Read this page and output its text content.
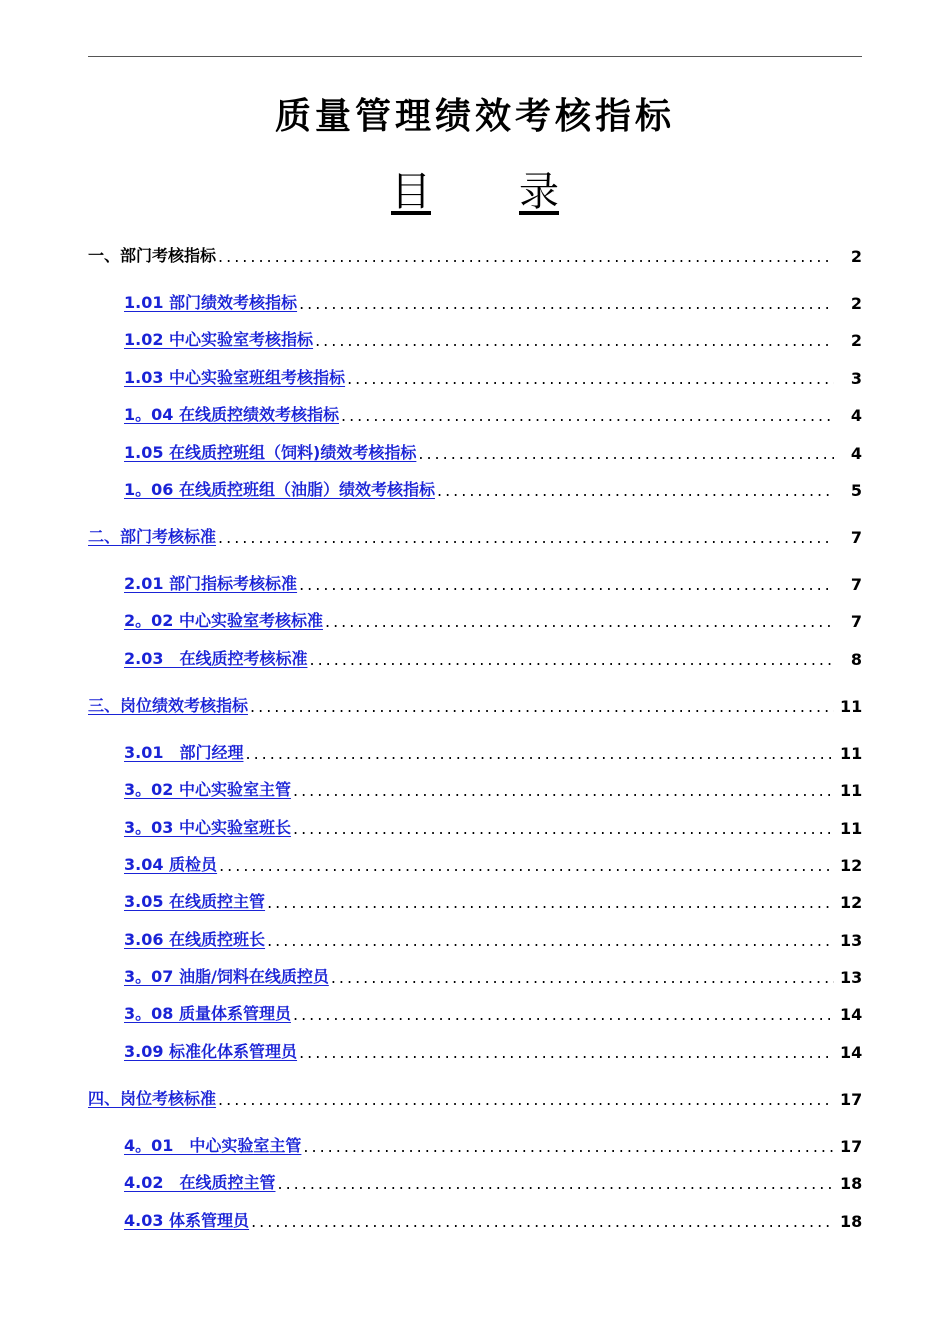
质量管理绩效考核指标
目 录
一、部门考核指标 .....	2
1.01 部门绩效考核指标 .....	2
1.02 中心实验室考核指标 .....	2
1.03 中心实验室班组考核指标 .....	3
1。04 在线质控绩效考核指标 .....	4
1.05 在线质控班组（饲料)绩效考核指标 .....	4
1。06 在线质控班组（油脂）绩效考核指标 .....	5
二、部门考核标准 .....	7
2.01 部门指标考核标准 .....	7
2。02 中心实验室考核标准 .....	7
2.03　在线质控考核标准 .....	8
三、岗位绩效考核指标 .....	11
3.01　部门经理 .....	11
3。02 中心实验室主管 .....	11
3。03 中心实验室班长 .....	11
3.04 质检员 .....	12
3.05 在线质控主管 .....	12
3.06 在线质控班长 .....	13
3。07 油脂/饲料在线质控员 .....	13
3。08 质量体系管理员 .....	14
3.09 标准化体系管理员 .....	14
四、岗位考核标准 .....	17
4。01　中心实验室主管 .....	17
4.02　在线质控主管 .....	18
4.03 体系管理员 .....	18
